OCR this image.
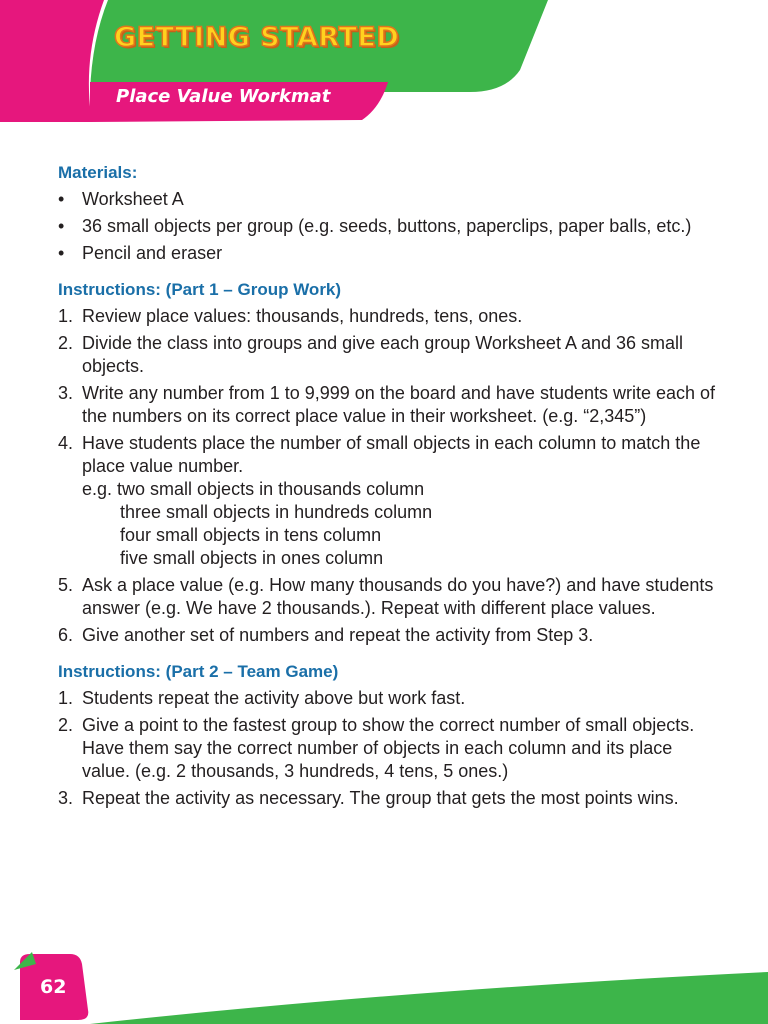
GETTING STARTED
Place Value Workmat
Materials:
• Worksheet A
• 36 small objects per group (e.g. seeds, buttons, paperclips, paper balls, etc.)
• Pencil and eraser
Instructions: (Part 1 – Group Work)
1. Review place values: thousands, hundreds, tens, ones.
2. Divide the class into groups and give each group Worksheet A and 36 small objects.
3. Write any number from 1 to 9,999 on the board and have students write each of the numbers on its correct place value in their worksheet. (e.g. “2,345”)
4. Have students place the number of small objects in each column to match the place value number.
e.g. two small objects in thousands column
three small objects in hundreds column
four small objects in tens column
five small objects in ones column
5. Ask a place value (e.g. How many thousands do you have?) and have students answer (e.g. We have 2 thousands.). Repeat with different place values.
6. Give another set of numbers and repeat the activity from Step 3.
Instructions: (Part 2 – Team Game)
1. Students repeat the activity above but work fast.
2. Give a point to the fastest group to show the correct number of small objects. Have them say the correct number of objects in each column and its place value. (e.g. 2 thousands, 3 hundreds, 4 tens, 5 ones.)
3. Repeat the activity as necessary. The group that gets the most points wins.
62
